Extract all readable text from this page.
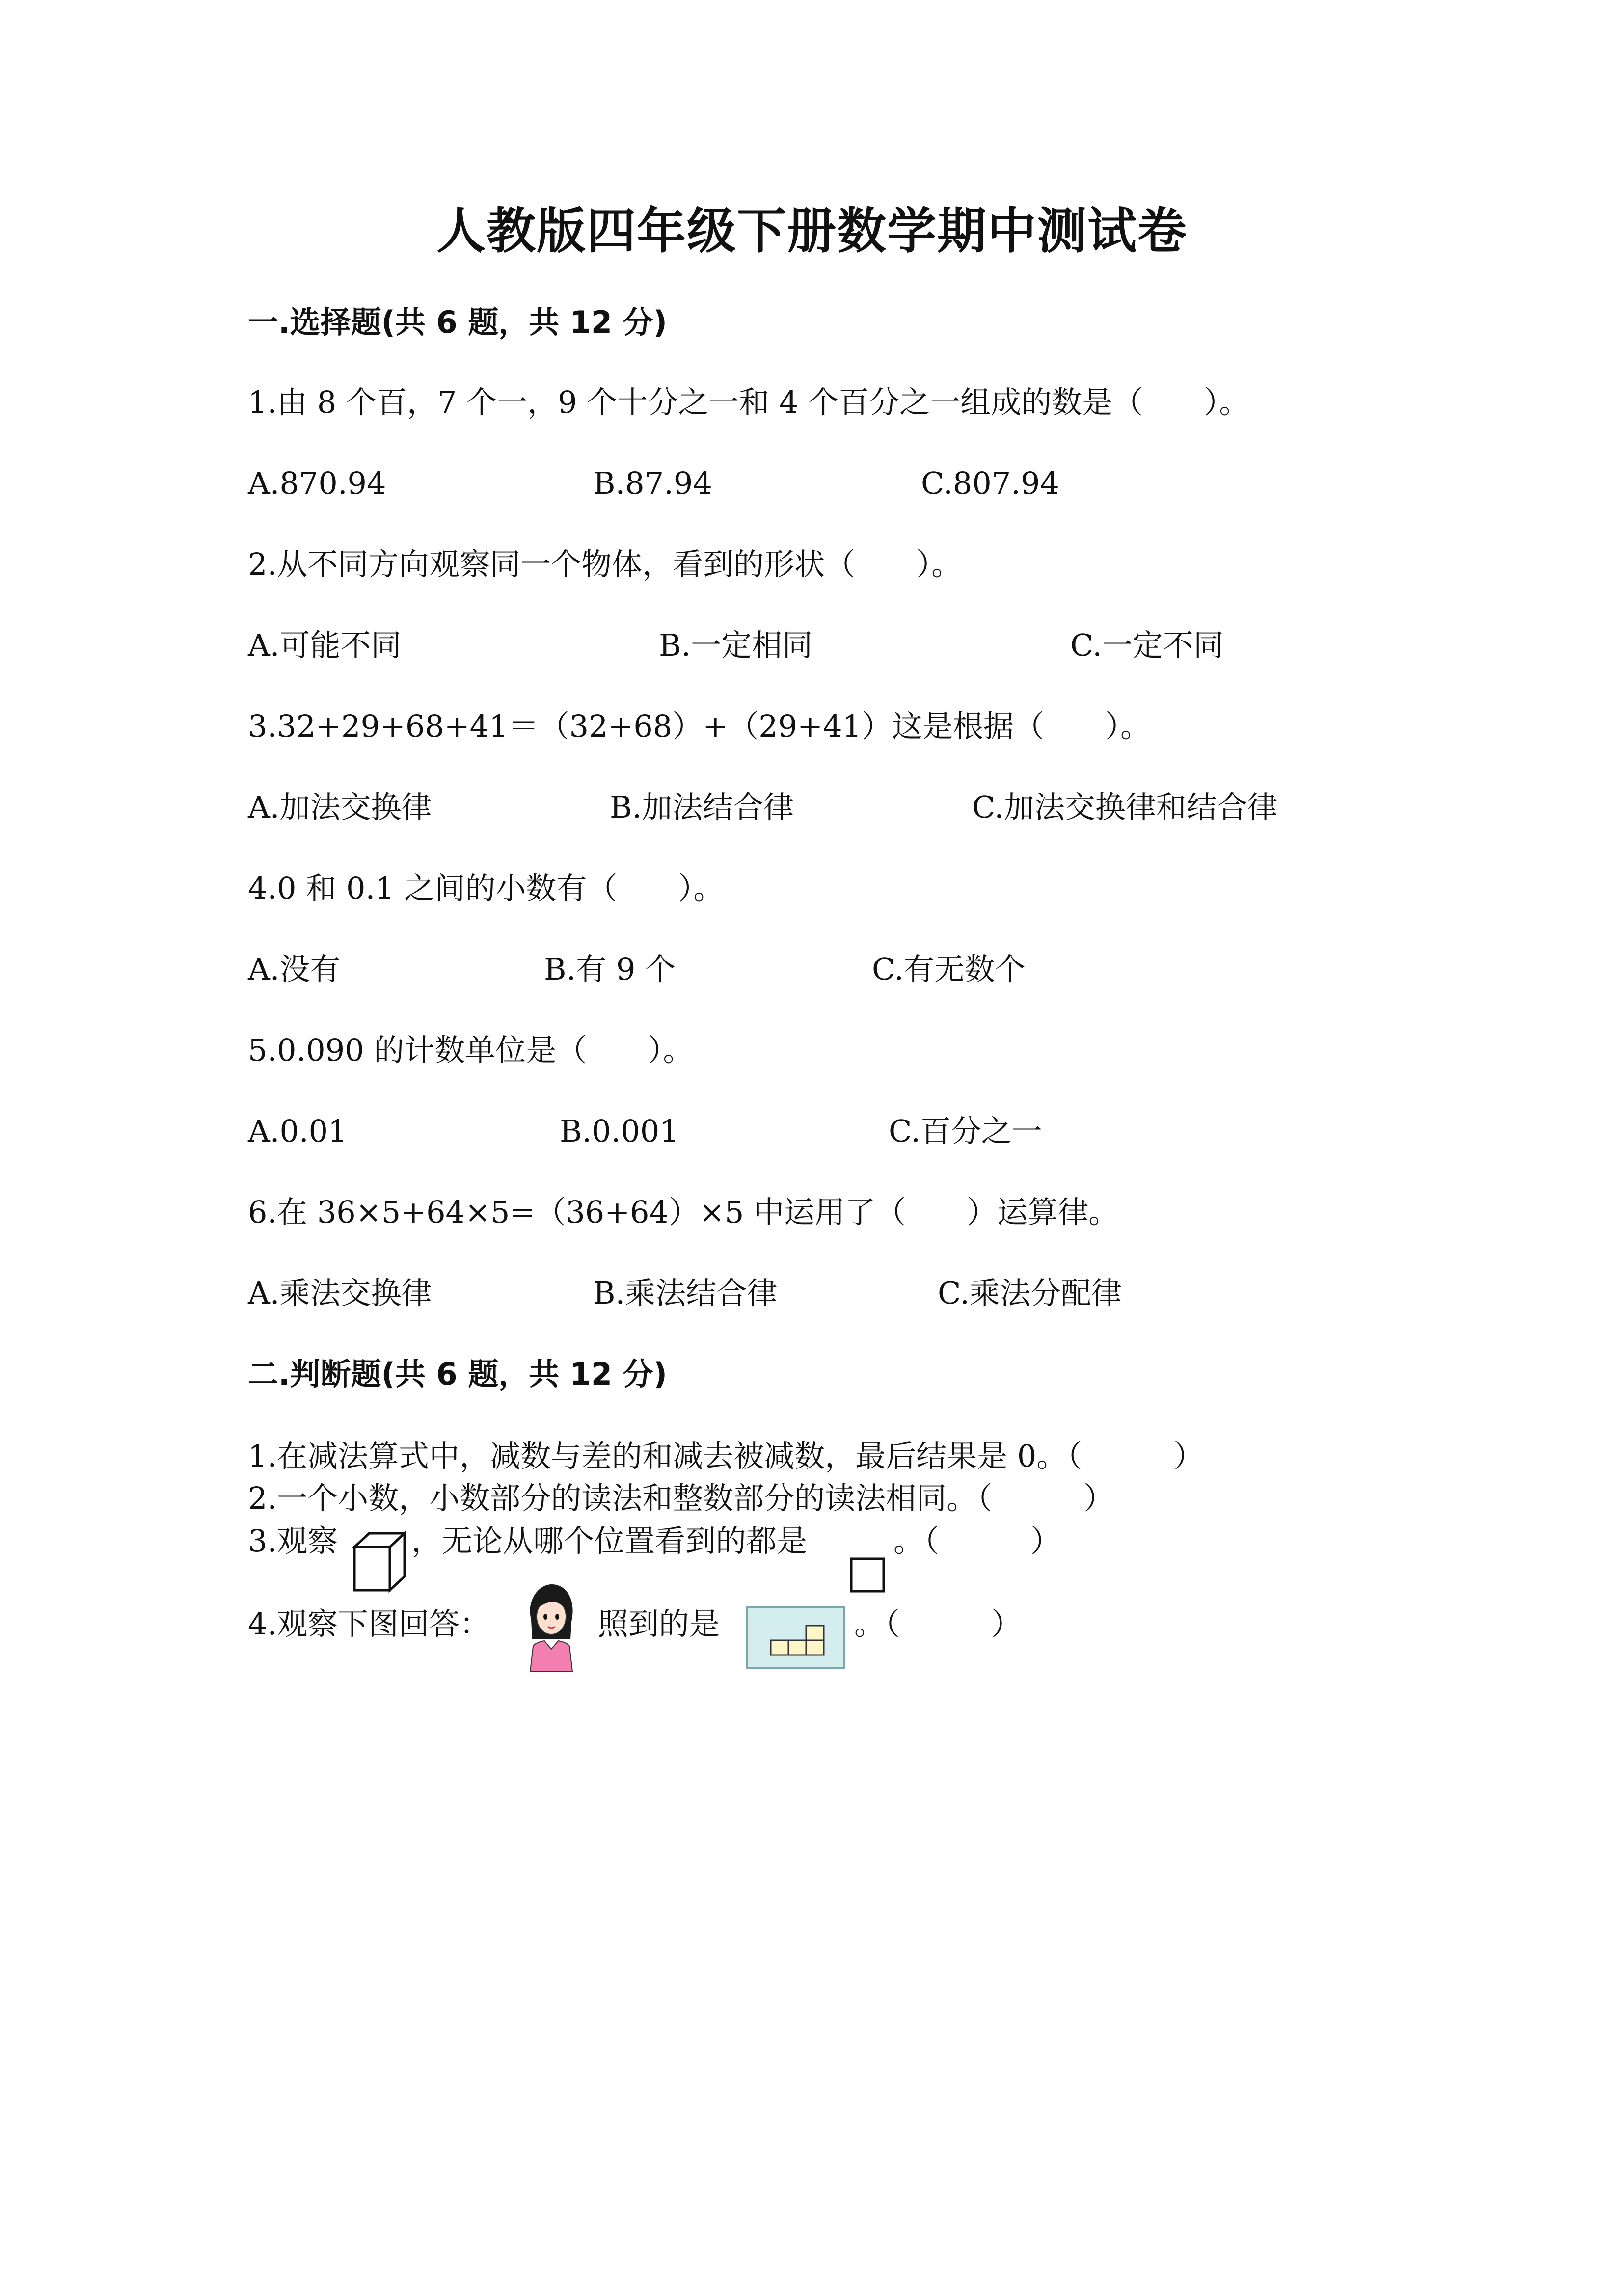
人教版四年级下册数学期中测试卷
一.选择题(共 6 题，共 12 分)
1.由 8 个百，7 个一，9 个十分之一和 4 个百分之一组成的数是（　　）。
A.870.94	B.87.94	C.807.94
2.从不同方向观察同一个物体，看到的形状（　　）。
A.可能不同	B.一定相同	C.一定不同
3.32+29+68+41＝（32+68）+（29+41）这是根据（　　）。
A.加法交换律	B.加法结合律	C.加法交换律和结合律
4.0 和 0.1 之间的小数有（　　）。
A.没有	B.有 9 个	C.有无数个
5.0.090 的计数单位是（　　）。
A.0.01	B.0.001	C.百分之一
6.在 36×5+64×5=（36+64）×5 中运用了（　　）运算律。
A.乘法交换律	B.乘法结合律	C.乘法分配律
二.判断题(共 6 题，共 12 分)
1.在减法算式中，减数与差的和减去被减数，最后结果是 0。（　　　）
2.一个小数，小数部分的读法和整数部分的读法相同。（　　　）
3.观察 ，无论从哪个位置看到的都是	。（　　　）
4.观察下图回答：	照到的是	。（　　　）
